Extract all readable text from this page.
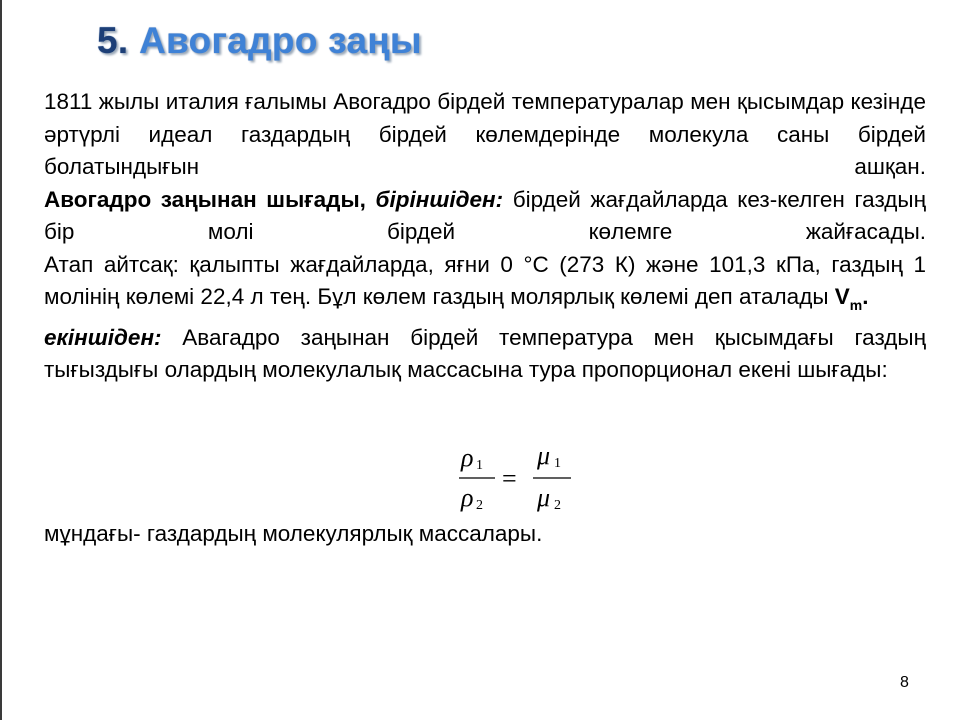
5. Авогадро заңы
1811 жылы италия ғалымы Авогадро бірдей температуралар мен қысымдар кезінде әртүрлі идеал газдардың бірдей көлемдерінде молекула саны бірдей болатындығын ашқан.
Авогадро заңынан шығады, біріншіден: бірдей жағдайларда кез-келген газдың бір молі бірдей көлемге жайғасады.
Атап айтсақ: қалыпты жағдайларда, яғни 0 °С (273 К) және 101,3 кПа, газдың 1 молінің көлемі 22,4 л тең. Бұл көлем газдың молярлық көлемі деп аталады $V_m$.
екіншіден: Авагадро заңынан бірдей температура мен қысымдағы газдың тығыздығы олардың молекулалық массасына тура пропорционал екені шығады:
ρ 1
ρ 2
=
μ 1
μ 2
мұндағы- газдардың молекулярлық массалары.
8
